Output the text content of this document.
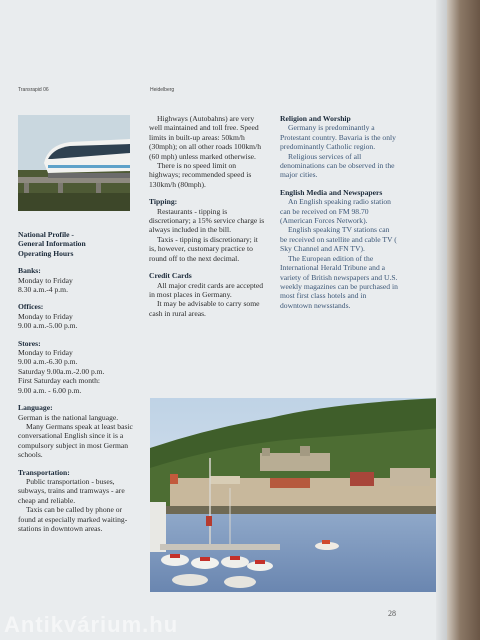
Transrapid 06	Heidelberg

National Profile -

General Information

Operating Hours

Banks:

Monday to Friday

8.30 a.m.-4 p.m.

Offices:

Monday to Friday

9.00 a.m.-5.00 p.m.

Stores:

Monday to Friday

9.00 a.m.-6.30 p.m.

Saturday 9.00a.m.-2.00 p.m.

First Saturday each month:

9.00 a.m. - 6.00 p.m.

Language:

German is the national language.

Many Germans speak at least basic conversational English since it is a compulsory subject in most German schools.

Transportation:

Public transportation - buses, subways, trains and tramways - are cheap and reliable.

Taxis can be called by phone or found at especially marked waiting-stations in downtown areas.

Highways (Autobahns) are very well maintained and toll free. Speed limits in built-up areas: 50km/h (30mph); on all other roads 100km/h (60 mph) unless marked otherwise.

There is no speed limit on highways; recommended speed is 130km/h (80mph).

Tipping:

Restaurants - tipping is discretionary; a 15% service charge is always included in the bill.

Taxis - tipping is discretionary; it is, however, customary practice to round off to the next decimal.

Credit Cards

All major credit cards are accepted in most places in Germany.

It may be advisable to carry some cash in rural areas.

Religion and Worship

Germany is predominantly a Protestant country. Bavaria is the only predominantly Catholic region.

Religious services of all denominations can be observed in the major cities.

English Media and Newspapers

An English speaking radio station can be received on FM 98.70 (American Forces Network).

English speaking TV stations can be received on satellite and cable TV ( Sky Channel and AFN TV).

The European edition of the International Herald Tribune and a variety of British newspapers and U.S. weekly magazines can be purchased in most first class hotels and in downtown newsstands.

28
Antikvárium.hu
